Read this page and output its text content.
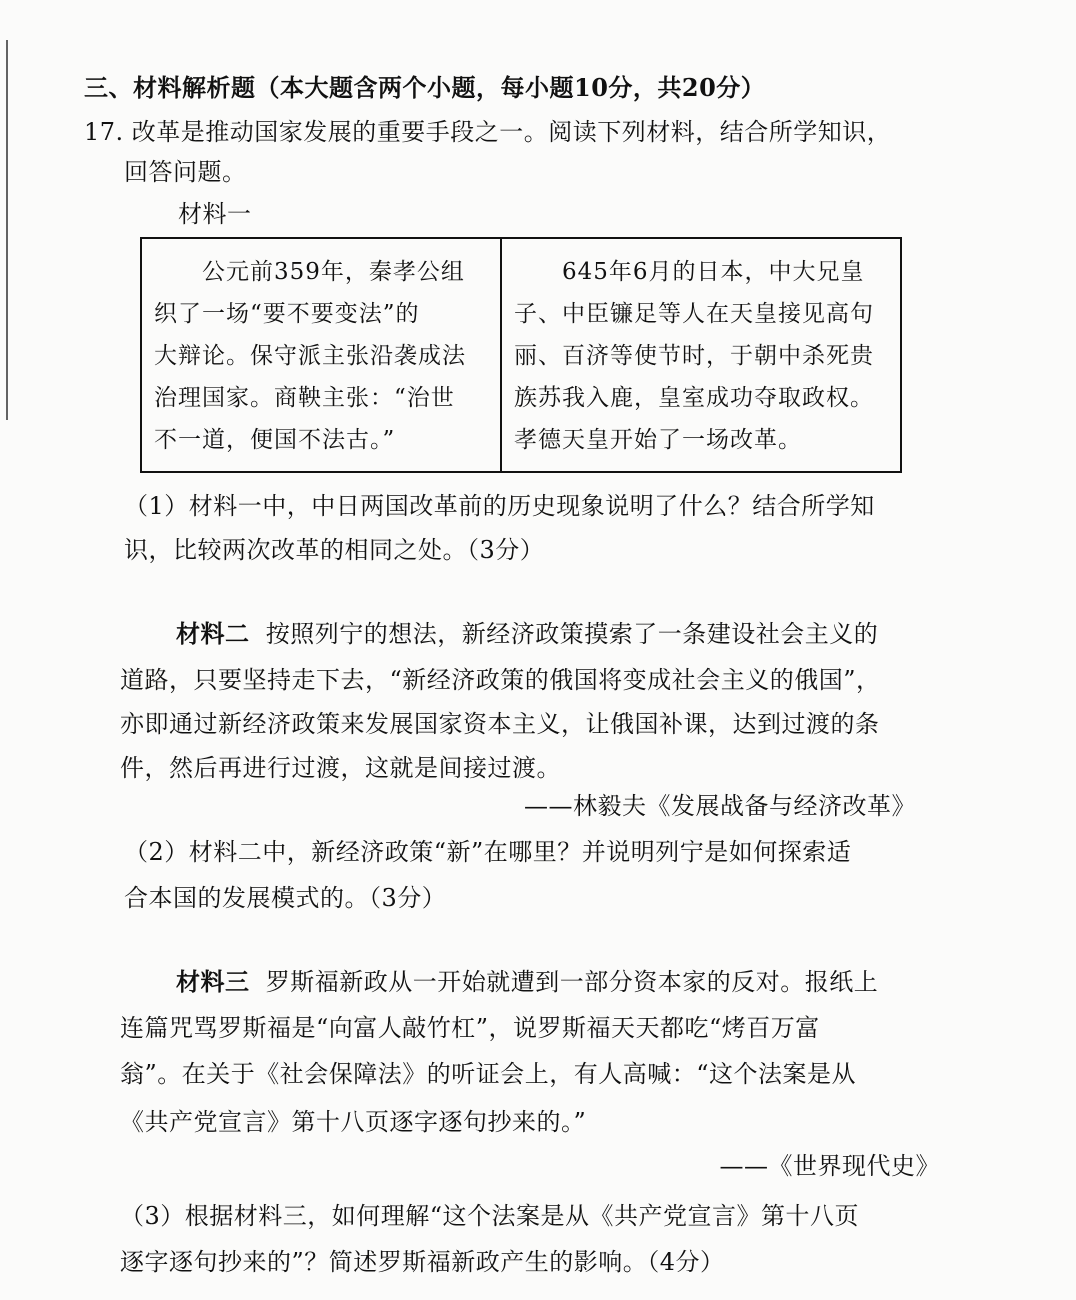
三、材料解析题（本大题含两个小题，每小题10分，共20分）
17. 改革是推动国家发展的重要手段之一。阅读下列材料，结合所学知识，
回答问题。
材料一
公元前359年，秦孝公组
织了一场“要不要变法”的
大辩论。保守派主张沿袭成法
治理国家。商鞅主张：“治世
不一道，便国不法古。”
645年6月的日本，中大兄皇
子、中臣镰足等人在天皇接见高句
丽、百济等使节时，于朝中杀死贵
族苏我入鹿，皇室成功夺取政权。
孝德天皇开始了一场改革。
（1）材料一中，中日两国改革前的历史现象说明了什么？结合所学知
识，比较两次改革的相同之处。（3分）
材料二 按照列宁的想法，新经济政策摸索了一条建设社会主义的
道路，只要坚持走下去，“新经济政策的俄国将变成社会主义的俄国”，
亦即通过新经济政策来发展国家资本主义，让俄国补课，达到过渡的条
件，然后再进行过渡，这就是间接过渡。
——林毅夫《发展战备与经济改革》
（2）材料二中，新经济政策“新”在哪里？并说明列宁是如何探索适
合本国的发展模式的。（3分）
材料三 罗斯福新政从一开始就遭到一部分资本家的反对。报纸上
连篇咒骂罗斯福是“向富人敲竹杠”，说罗斯福天天都吃“烤百万富
翁”。在关于《社会保障法》的听证会上，有人高喊：“这个法案是从
《共产党宣言》第十八页逐字逐句抄来的。”
——《世界现代史》
（3）根据材料三，如何理解“这个法案是从《共产党宣言》第十八页
逐字逐句抄来的”？简述罗斯福新政产生的影响。（4分）
